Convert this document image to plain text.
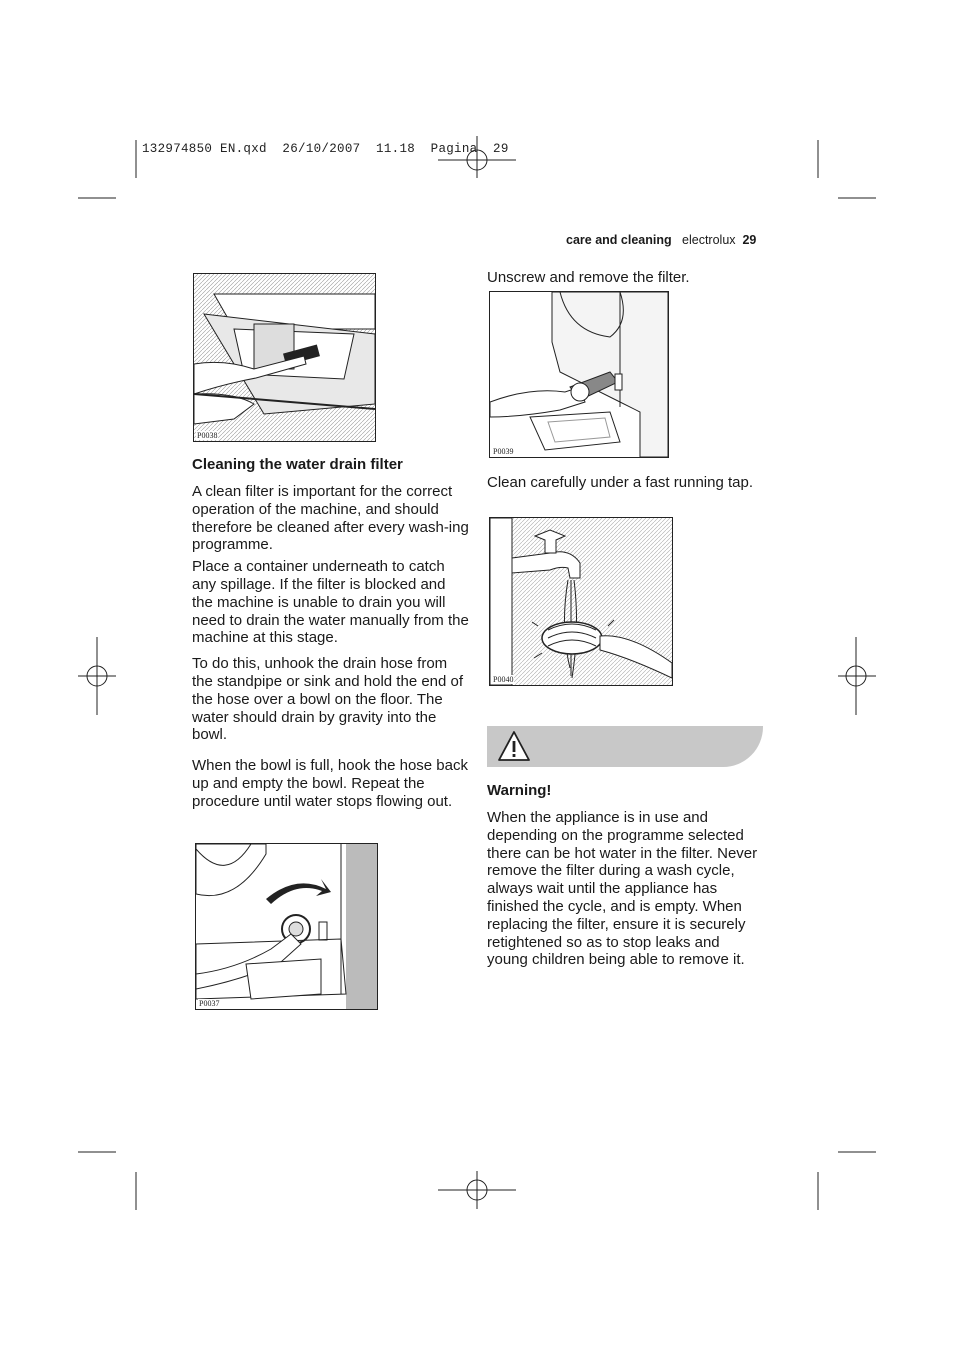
132974850 EN.qxd  26/10/2007  11.18  Pagina  29
care and cleaning electrolux 29
P0038

Cleaning the water drain filter

A clean filter is important for the correct operation of the machine, and should therefore be cleaned after every wash-ing programme.

Place a container underneath to catch any spillage. If the filter is blocked and the machine is unable to drain you will need to drain the water manually from the machine at this stage.

To do this, unhook the drain hose from the standpipe or sink and hold the end of the hose over a bowl on the floor. The water should drain by gravity into the bowl.

When the bowl is full, hook the hose back up and empty the bowl. Repeat the procedure until water stops flowing out.

P0037
Unscrew and remove the filter.
P0039
Clean carefully under a fast running tap.
P0040

Warning!

When the appliance is in use and depending on the programme selected there can be hot water in the filter. Never remove the filter during a wash cycle, always wait until the appliance has finished the cycle, and is empty. When replacing the filter, ensure it is securely retightened so as to stop leaks and young children being able to remove it.
